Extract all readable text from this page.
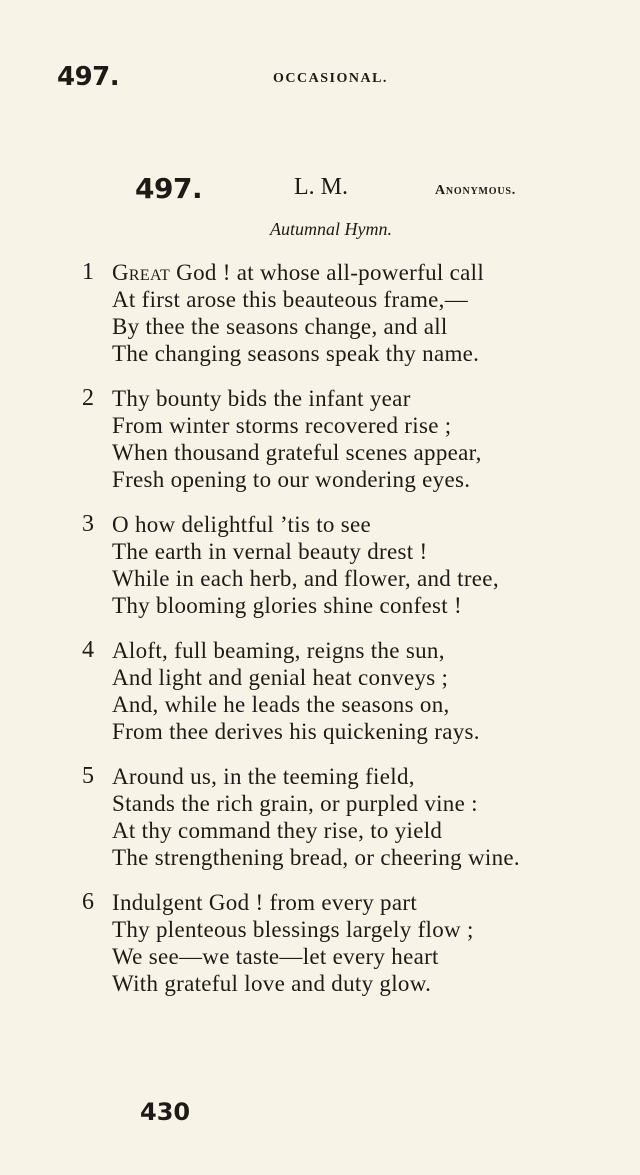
497.	OCCASIONAL.
497.	L. M.	Anonymous.
Autumnal Hymn.
1 Great God ! at whose all-powerful call
At first arose this beauteous frame,—
By thee the seasons change, and all
The changing seasons speak thy name.
2 Thy bounty bids the infant year
From winter storms recovered rise ;
When thousand grateful scenes appear,
Fresh opening to our wondering eyes.
3 O how delightful ’tis to see
The earth in vernal beauty drest !
While in each herb, and flower, and tree,
Thy blooming glories shine confest !
4 Aloft, full beaming, reigns the sun,
And light and genial heat conveys ;
And, while he leads the seasons on,
From thee derives his quickening rays.
5 Around us, in the teeming field,
Stands the rich grain, or purpled vine :
At thy command they rise, to yield
The strengthening bread, or cheering wine.
6 Indulgent God ! from every part
Thy plenteous blessings largely flow ;
We see—we taste—let every heart
With grateful love and duty glow.
430
